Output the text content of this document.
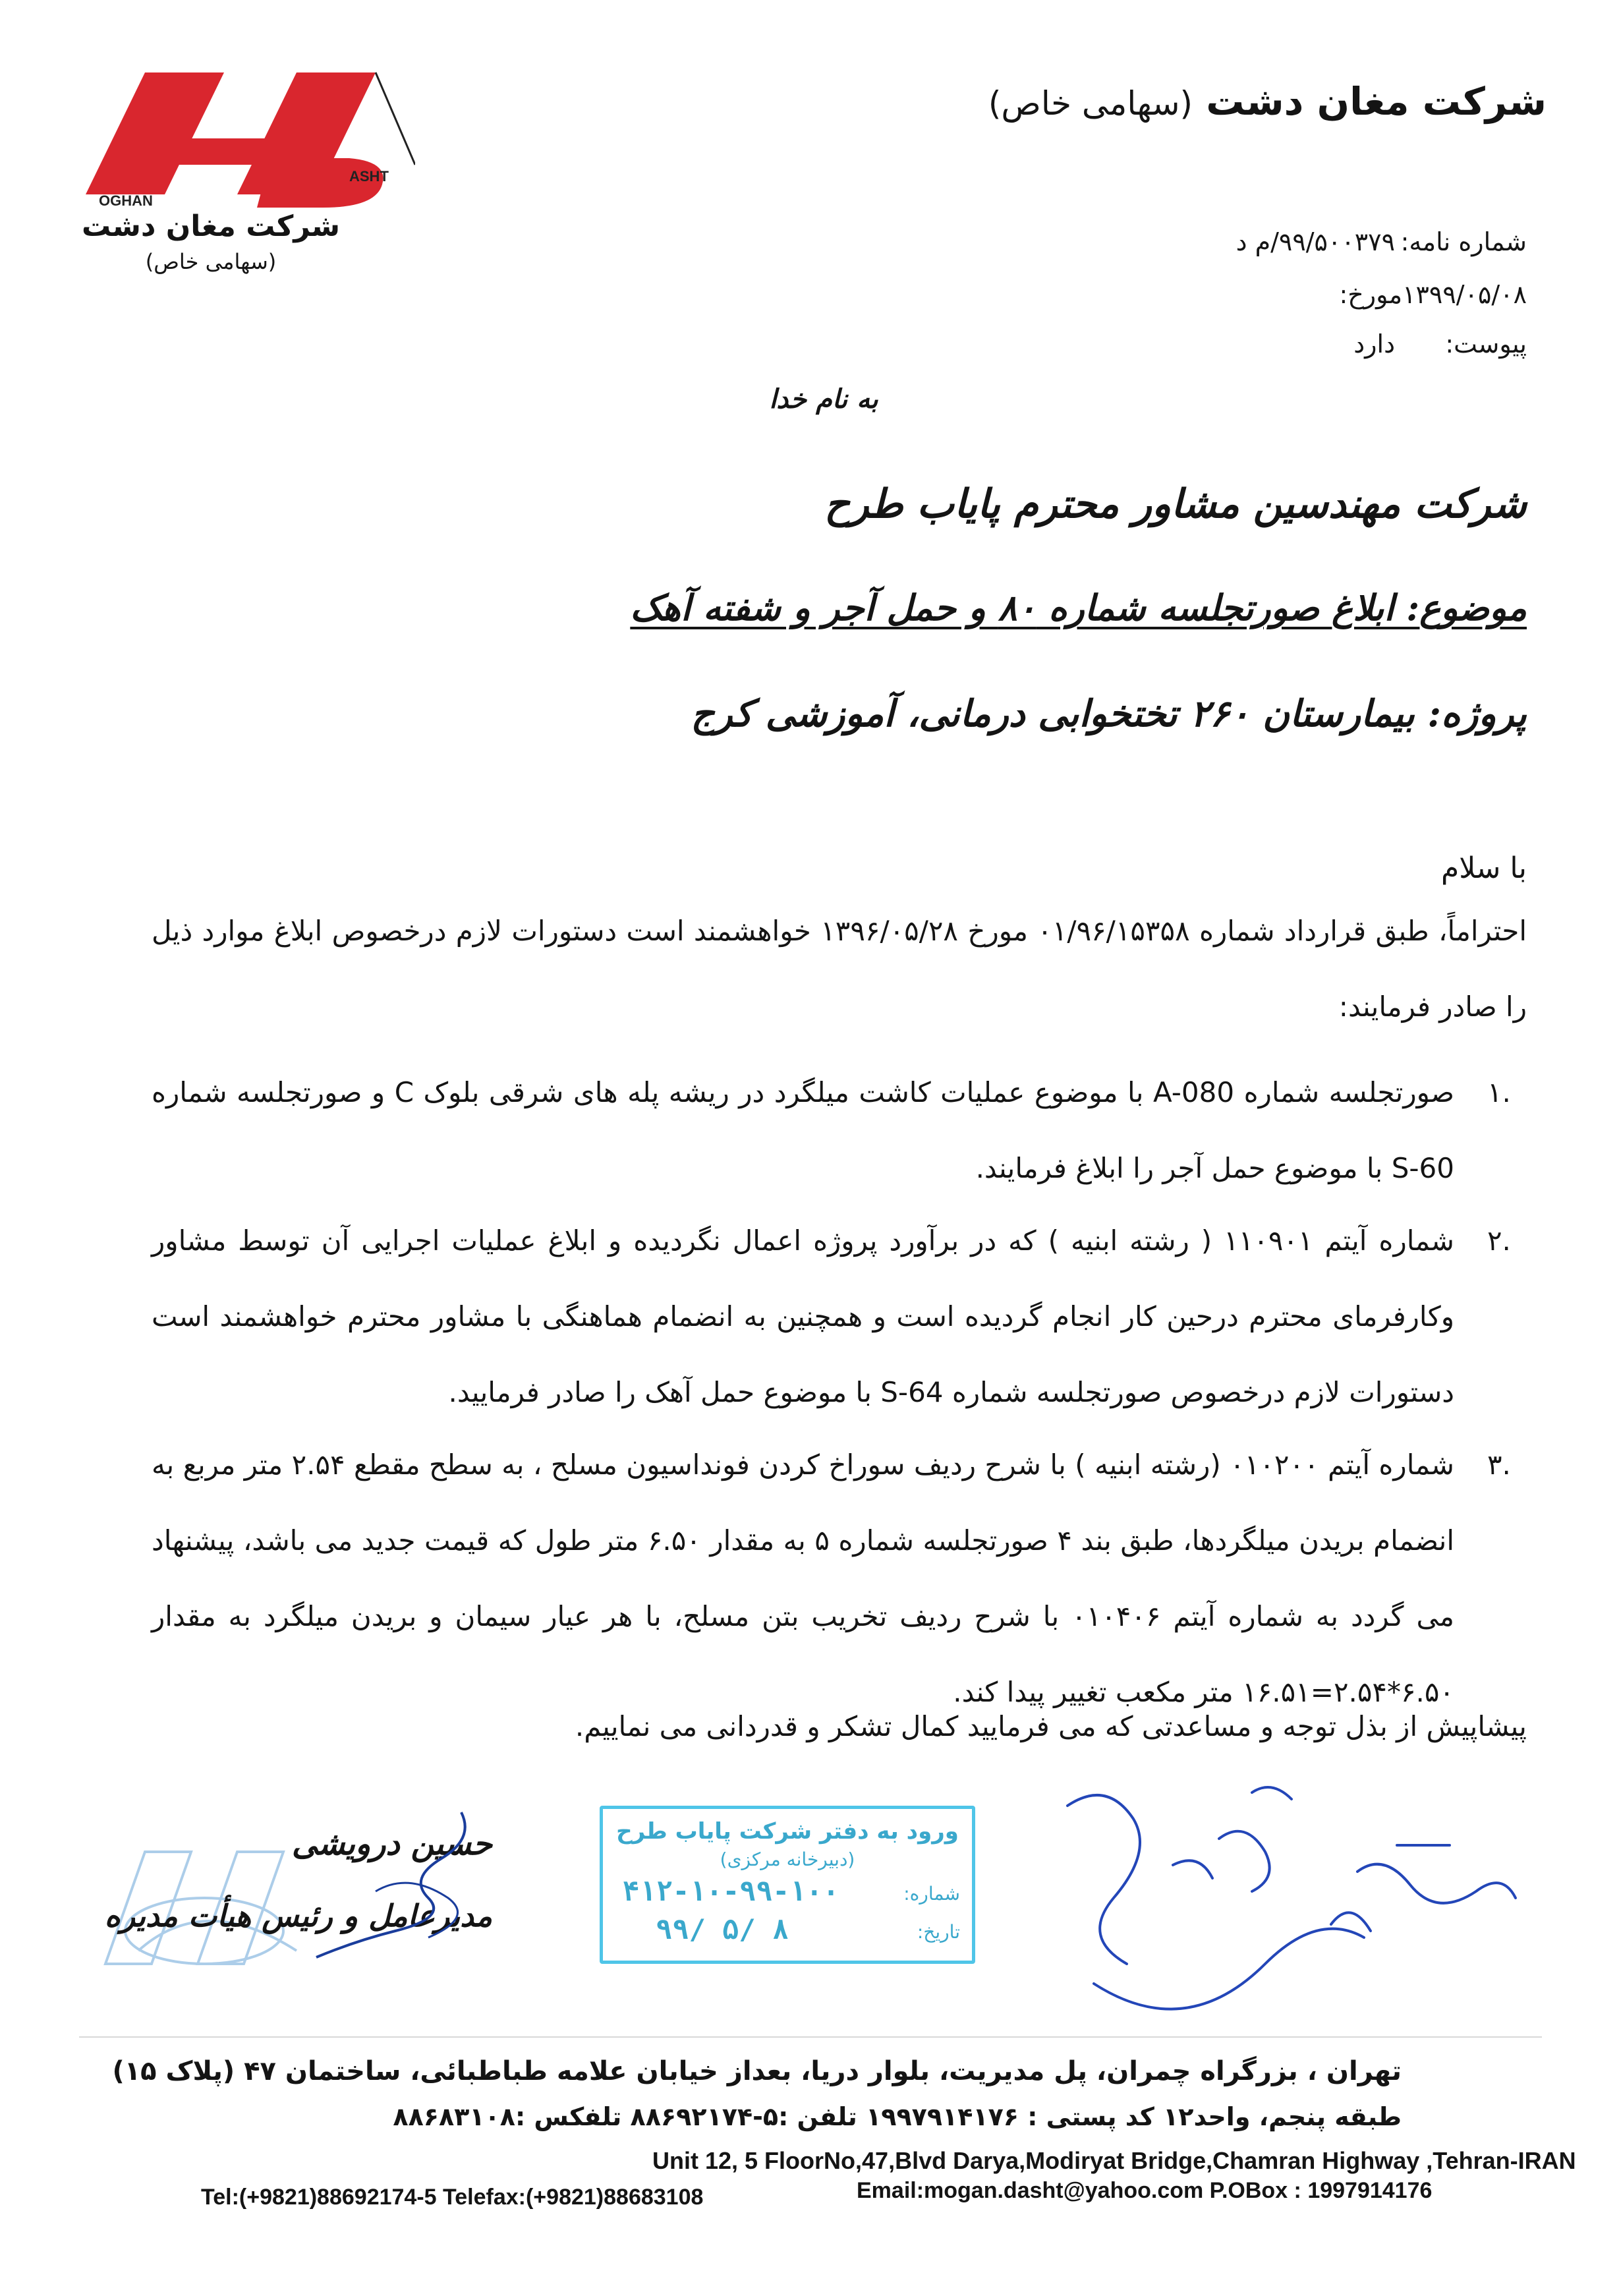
OGHAN
ASHT
شرکت مغان دشت
(سهامی خاص)
شرکت مغان دشت (سهامی خاص)
شماره نامه:۹۹/۵۰۰۳۷۹/م د
مورخ:۱۳۹۹/۰۵/۰۸
پیوست:دارد
به نام خدا
شرکت مهندسین مشاور محترم پایاب طرح
موضوع: ابلاغ صورتجلسه شماره ۸۰ و حمل آجر و شفته آهک
پروژه: بیمارستان ۲۶۰ تختخوابی درمانی، آموزشی کرج
با سلام
احتراماً، طبق قرارداد شماره ۰۱/۹۶/۱۵۳۵۸ مورخ ۱۳۹۶/۰۵/۲۸ خواهشمند است دستورات لازم درخصوص ابلاغ موارد ذیل را صادر فرمایند:
۱.
صورتجلسه شماره A-080 با موضوع عملیات کاشت میلگرد در ریشه پله های شرقی بلوک C و صورتجلسه شماره S-60 با موضوع حمل آجر را ابلاغ فرمایند.
۲.
شماره آیتم ۱۱۰۹۰۱ ( رشته ابنیه ) که در برآورد پروژه اعمال نگردیده و ابلاغ عملیات اجرایی آن توسط مشاور وکارفرمای محترم درحین کار انجام گردیده است و همچنین به انضمام هماهنگی با مشاور محترم خواهشمند است دستورات لازم درخصوص صورتجلسه شماره S-64 با موضوع حمل آهک را صادر فرمایید.
۳.
شماره آیتم ۰۱۰۲۰۰ (رشته ابنیه ) با شرح ردیف سوراخ کردن فونداسیون مسلح ، به سطح مقطع ۲.۵۴ متر مربع به انضمام بریدن میلگردها، طبق بند ۴ صورتجلسه شماره ۵ به مقدار ۶.۵۰ متر طول که قیمت جدید می باشد، پیشنهاد می گردد به شماره آیتم ۰۱۰۴۰۶ با شرح ردیف تخریب بتن مسلح، با هر عیار سیمان و بریدن میلگرد به مقدار ۶.۵۰*۲.۵۴=۱۶.۵۱ متر مکعب تغییر پیدا کند.
پیشاپیش از بذل توجه و مساعدتی که می فرمایید کمال تشکر و قدردانی می نماییم.
حسین درویشی
مدیرعامل و رئیس هیأت مدیره
ورود به دفتر شرکت پایاب طرح
(دبیرخانه مرکزی)
شماره:
۴۱۲-۱۰-۹۹-۱۰۰
تاریخ:
۹۹/ ۵/ ۸
تهران ، بزرگراه چمران، پل مدیریت، بلوار دریا، بعداز خیابان علامه طباطبائی، ساختمان ۴۷ (پلاک ۱۵)
طبقه پنجم، واحد۱۲ کد پستی : ۱۹۹۷۹۱۴۱۷۶ تلفن :۵-۸۸۶۹۲۱۷۴ تلفکس :۸۸۶۸۳۱۰۸
Unit 12, 5 FloorNo,47,Blvd Darya,Modiryat Bridge,Chamran Highway ,Tehran-IRAN
Tel:(+9821)88692174-5 Telefax:(+9821)88683108	Email:mogan.dasht@yahoo.com P.OBox : 1997914176
